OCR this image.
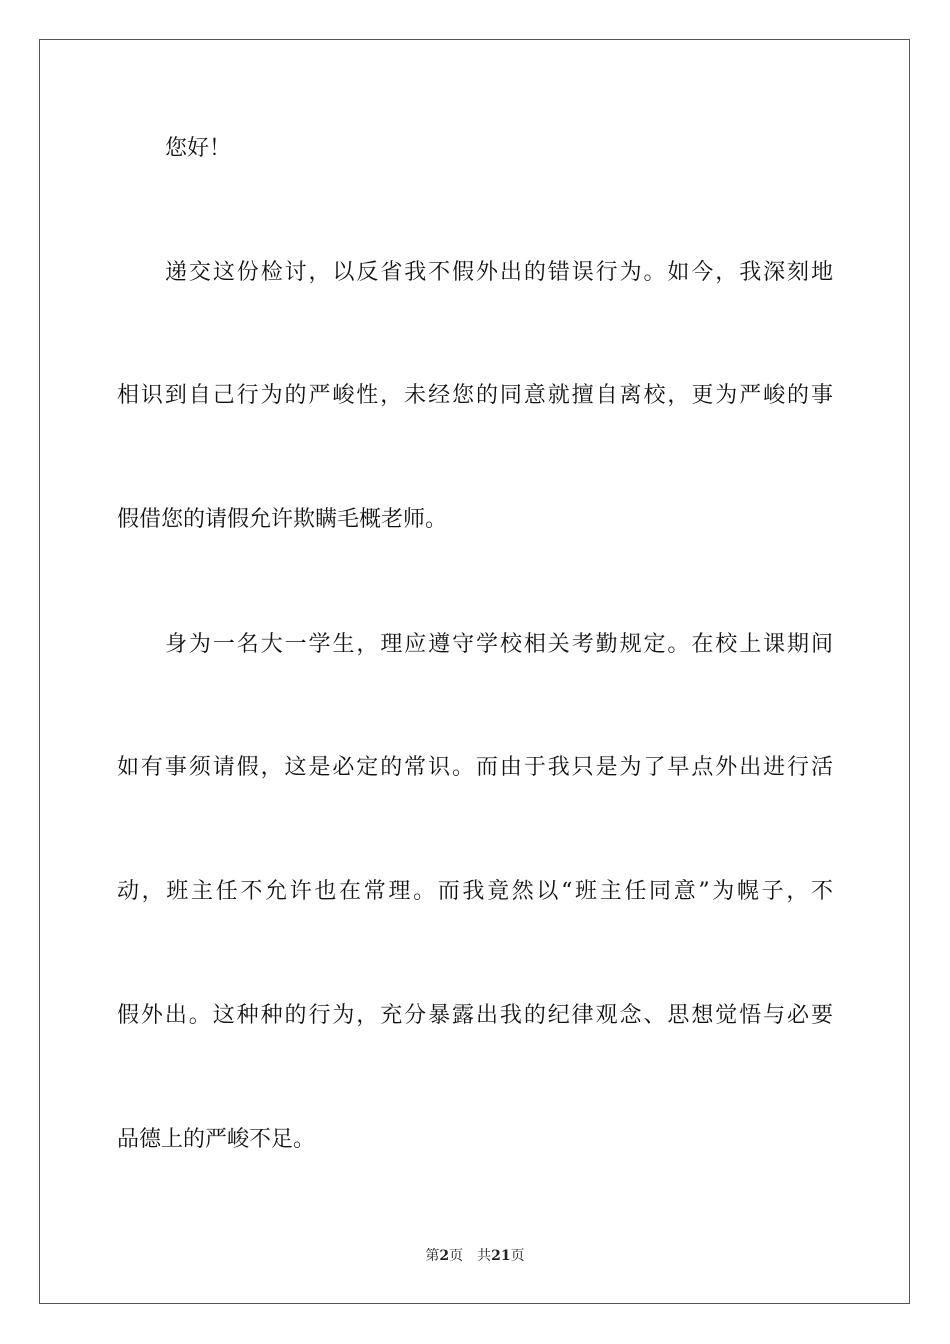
您好！
递交这份检讨，以反省我不假外出的错误行为。如今，我深刻地
相识到自己行为的严峻性，未经您的同意就擅自离校，更为严峻的事
假借您的请假允许欺瞒毛概老师。
身为一名大一学生，理应遵守学校相关考勤规定。在校上课期间
如有事须请假，这是必定的常识。而由于我只是为了早点外出进行活
动，班主任不允许也在常理。而我竟然以“班主任同意”为幌子，不
假外出。这种种的行为，充分暴露出我的纪律观念、思想觉悟与必要
品德上的严峻不足。
第2页 共21页
